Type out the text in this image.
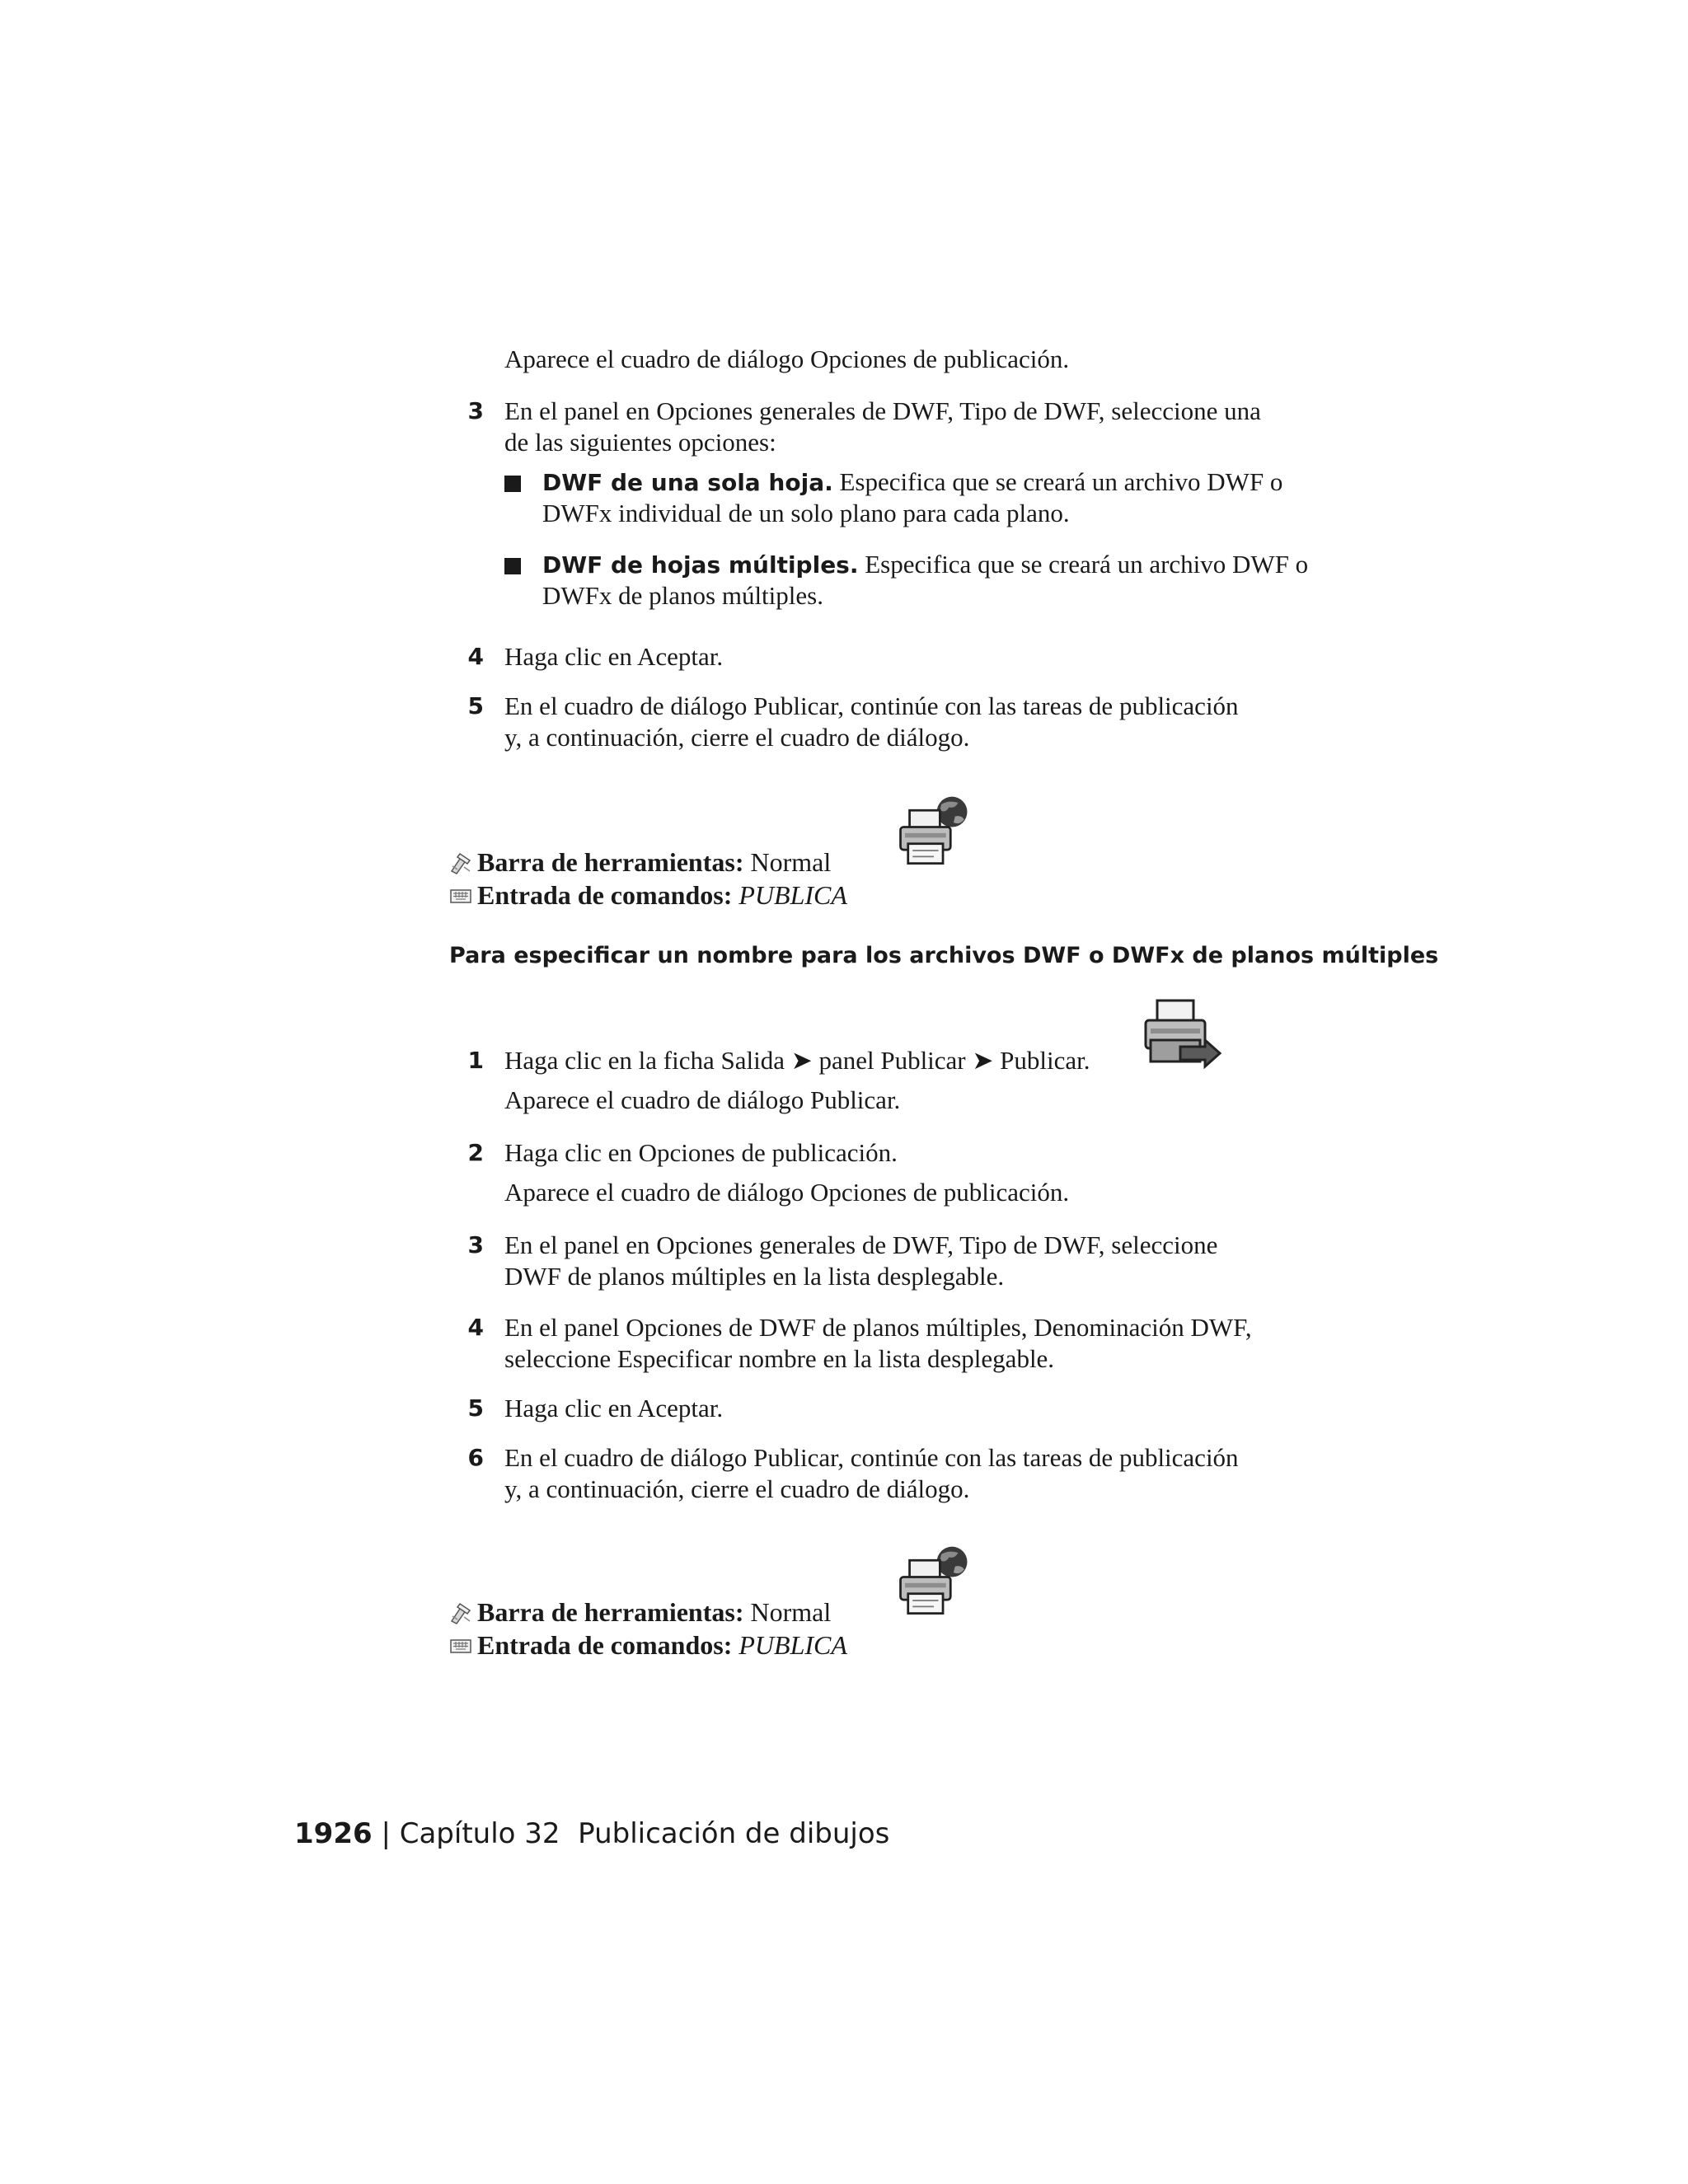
Aparece el cuadro de diálogo Opciones de publicación.
3 En el panel en Opciones generales de DWF, Tipo de DWF, seleccione una
de las siguientes opciones:
DWF de una sola hoja. Especifica que se creará un archivo DWF o
DWFx individual de un solo plano para cada plano.
DWF de hojas múltiples. Especifica que se creará un archivo DWF o
DWFx de planos múltiples.
4 Haga clic en Aceptar.
5 En el cuadro de diálogo Publicar, continúe con las tareas de publicación
y, a continuación, cierre el cuadro de diálogo.
Barra de herramientas: Normal
Entrada de comandos: PUBLICA
Para especificar un nombre para los archivos DWF o DWFx de planos múltiples
1 Haga clic en la ficha Salida ➤ panel Publicar ➤ Publicar.
Aparece el cuadro de diálogo Publicar.
2 Haga clic en Opciones de publicación.
Aparece el cuadro de diálogo Opciones de publicación.
3 En el panel en Opciones generales de DWF, Tipo de DWF, seleccione
DWF de planos múltiples en la lista desplegable.
4 En el panel Opciones de DWF de planos múltiples, Denominación DWF,
seleccione Especificar nombre en la lista desplegable.
5 Haga clic en Aceptar.
6 En el cuadro de diálogo Publicar, continúe con las tareas de publicación
y, a continuación, cierre el cuadro de diálogo.
Barra de herramientas: Normal
Entrada de comandos: PUBLICA
1926 | Capítulo 32 Publicación de dibujos
